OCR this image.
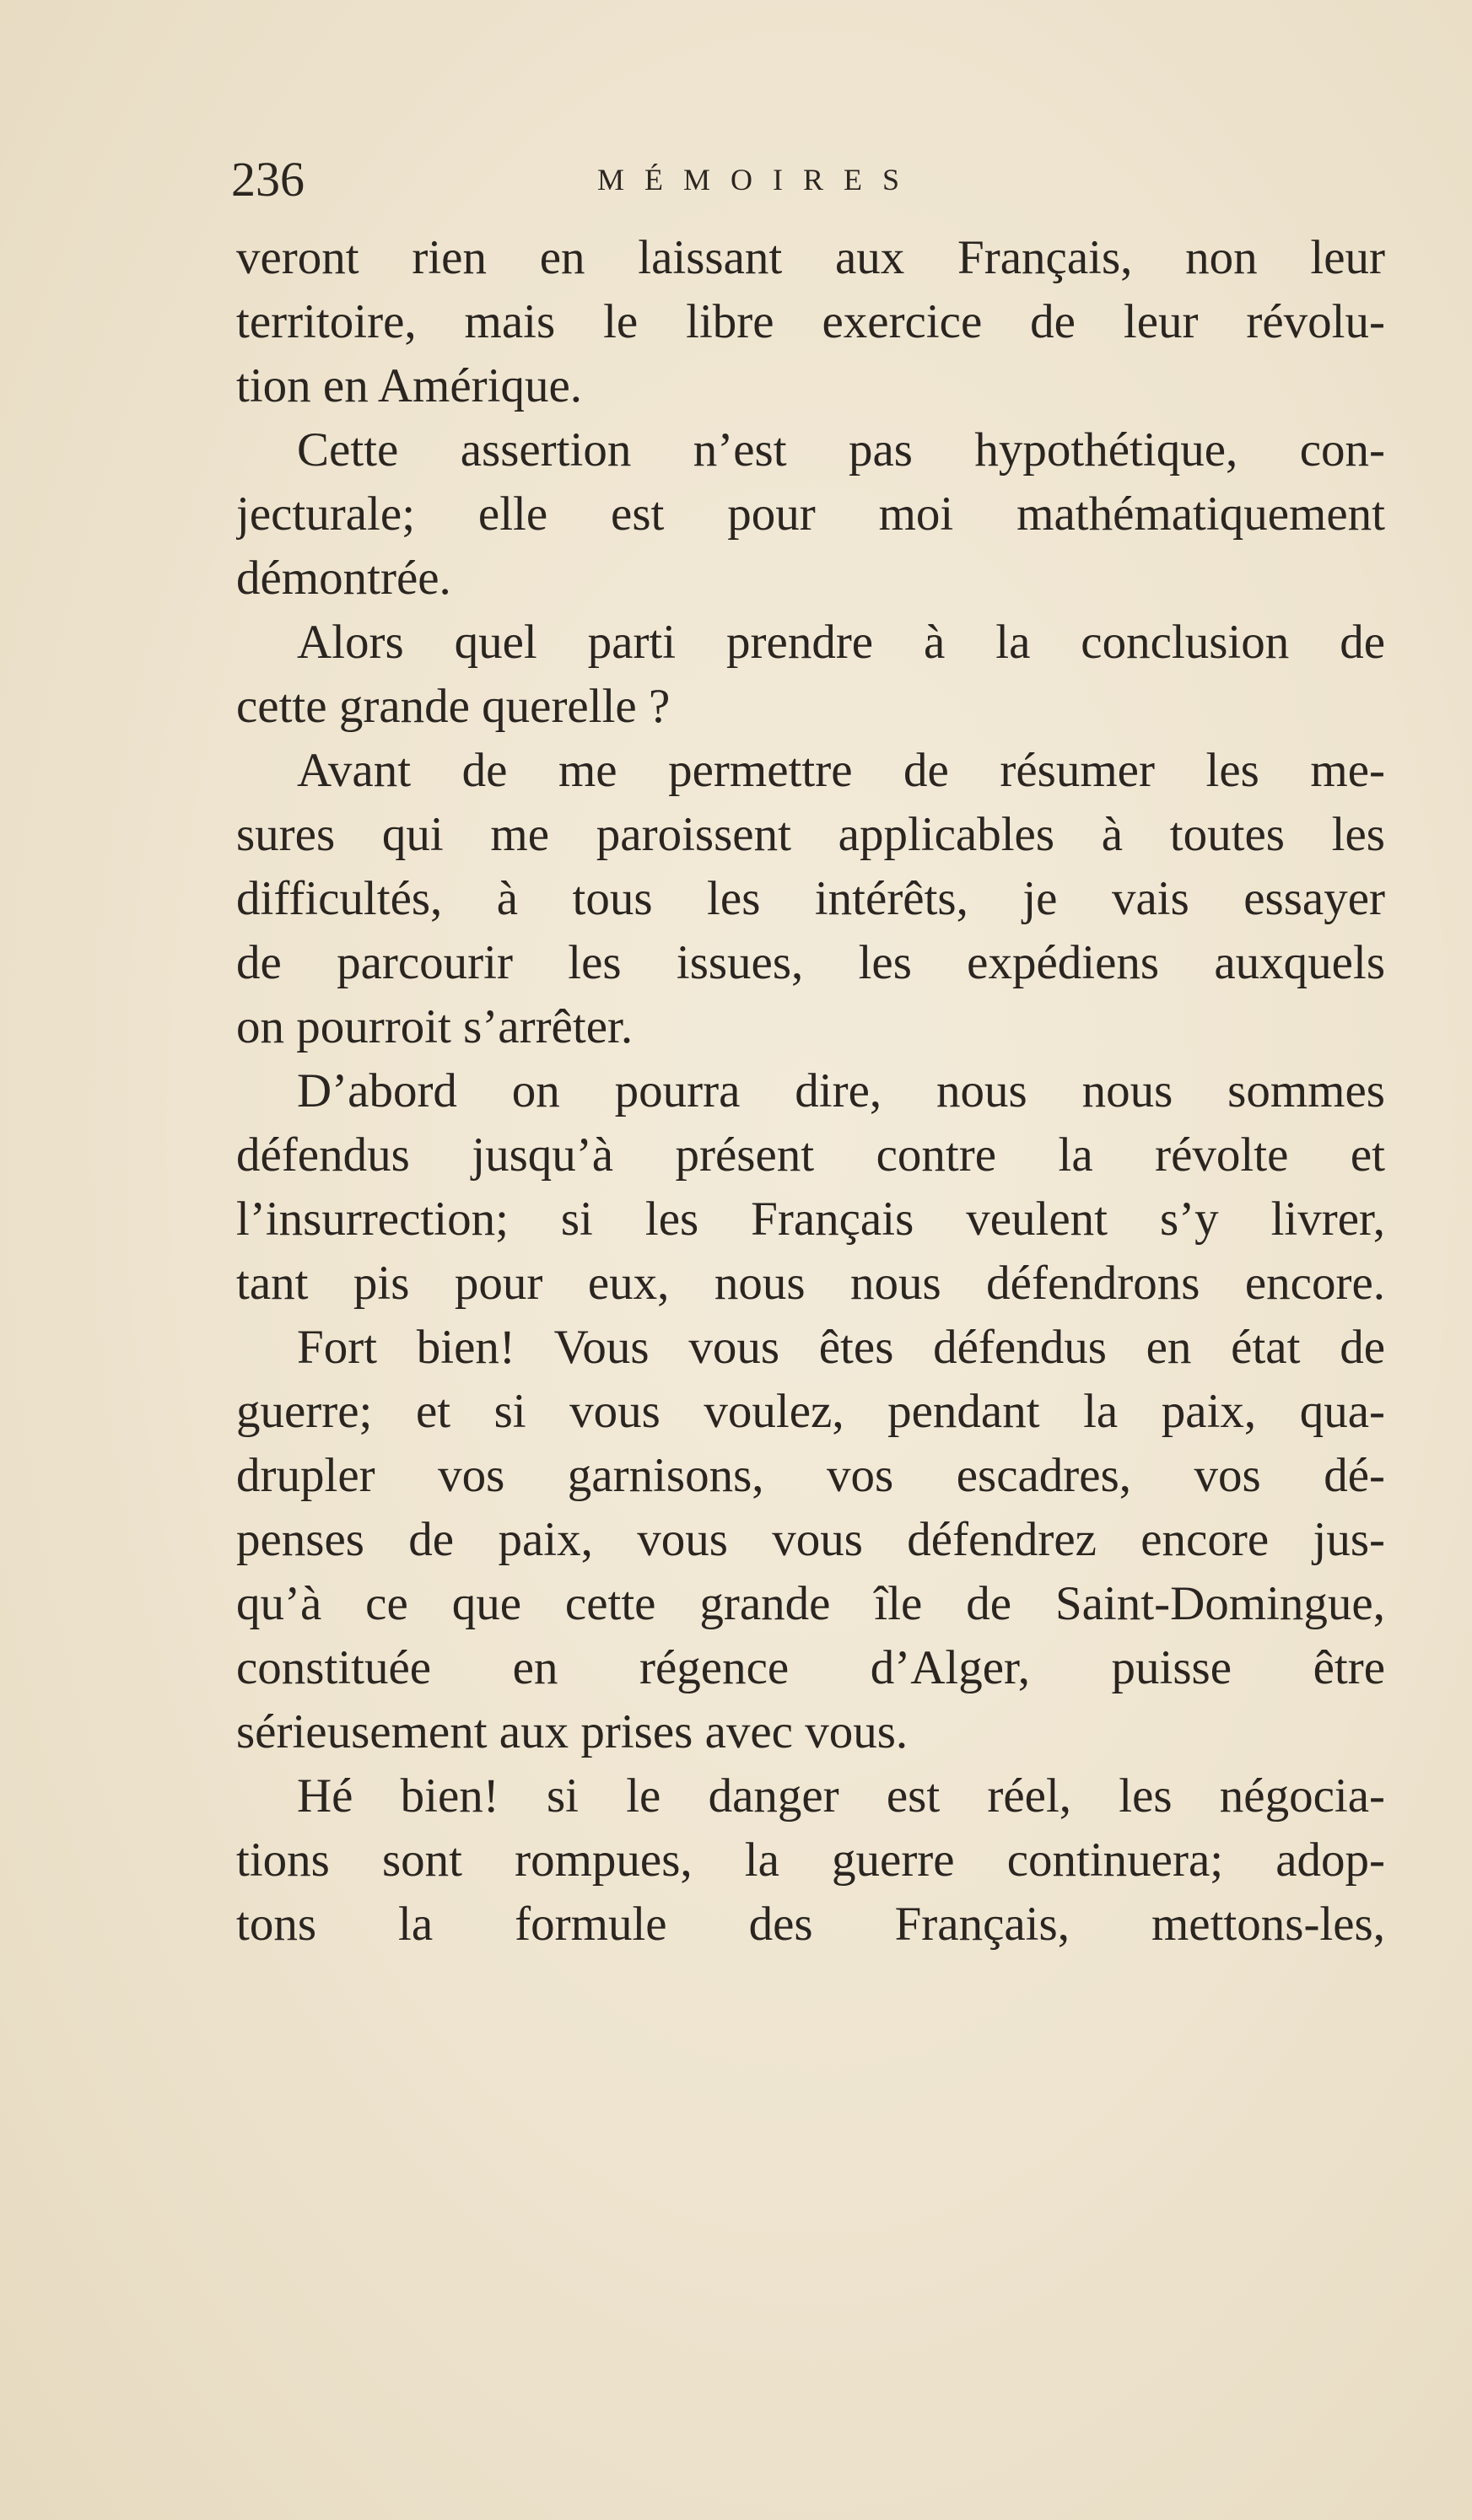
236	MÉMOIRES
veront rien en laissant aux Français, non leur
territoire, mais le libre exercice de leur révolu-
tion en Amérique.
Cette assertion n’est pas hypothétique, con-
jecturale; elle est pour moi mathématiquement
démontrée.
Alors quel parti prendre à la conclusion de
cette grande querelle ?
Avant de me permettre de résumer les me-
sures qui me paroissent applicables à toutes les
difficultés, à tous les intérêts, je vais essayer
de parcourir les issues, les expédiens auxquels
on pourroit s’arrêter.
D’abord on pourra dire, nous nous sommes
défendus jusqu’à présent contre la révolte et
l’insurrection; si les Français veulent s’y livrer,
tant pis pour eux, nous nous défendrons encore.
Fort bien! Vous vous êtes défendus en état de
guerre; et si vous voulez, pendant la paix, qua-
drupler vos garnisons, vos escadres, vos dé-
penses de paix, vous vous défendrez encore jus-
qu’à ce que cette grande île de Saint-Domingue,
constituée en régence d’Alger, puisse être
sérieusement aux prises avec vous.
Hé bien! si le danger est réel, les négocia-
tions sont rompues, la guerre continuera; adop-
tons la formule des Français, mettons-les,
